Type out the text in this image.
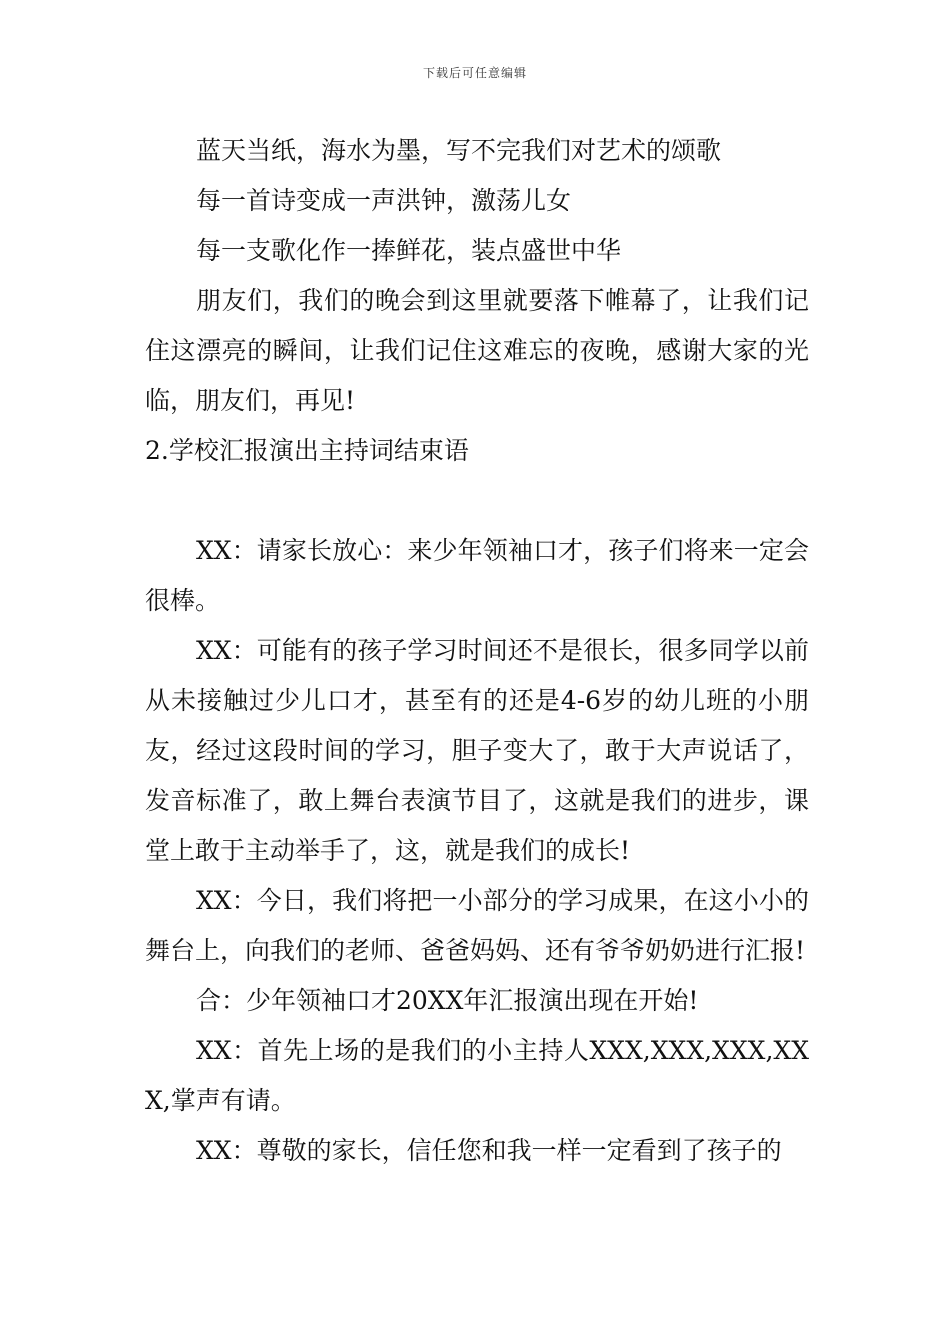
下载后可任意编辑

蓝天当纸，海水为墨，写不完我们对艺术的颂歌

每一首诗变成一声洪钟，激荡儿女

每一支歌化作一捧鲜花，装点盛世中华

朋友们，我们的晚会到这里就要落下帷幕了，让我们记住这漂亮的瞬间，让我们记住这难忘的夜晚，感谢大家的光临，朋友们，再见!

2.学校汇报演出主持词结束语

XX：请家长放心：来少年领袖口才，孩子们将来一定会很棒。

XX：可能有的孩子学习时间还不是很长，很多同学以前从未接触过少儿口才，甚至有的还是4-6岁的幼儿班的小朋友，经过这段时间的学习，胆子变大了，敢于大声说话了，发音标准了，敢上舞台表演节目了，这就是我们的进步，课堂上敢于主动举手了，这，就是我们的成长!

XX：今日，我们将把一小部分的学习成果，在这小小的舞台上，向我们的老师、爸爸妈妈、还有爷爷奶奶进行汇报!

合：少年领袖口才20XX年汇报演出现在开始!

XX：首先上场的是我们的小主持人XXX,XXX,XXX,XXX,掌声有请。

XX：尊敬的家长，信任您和我一样一定看到了孩子的
